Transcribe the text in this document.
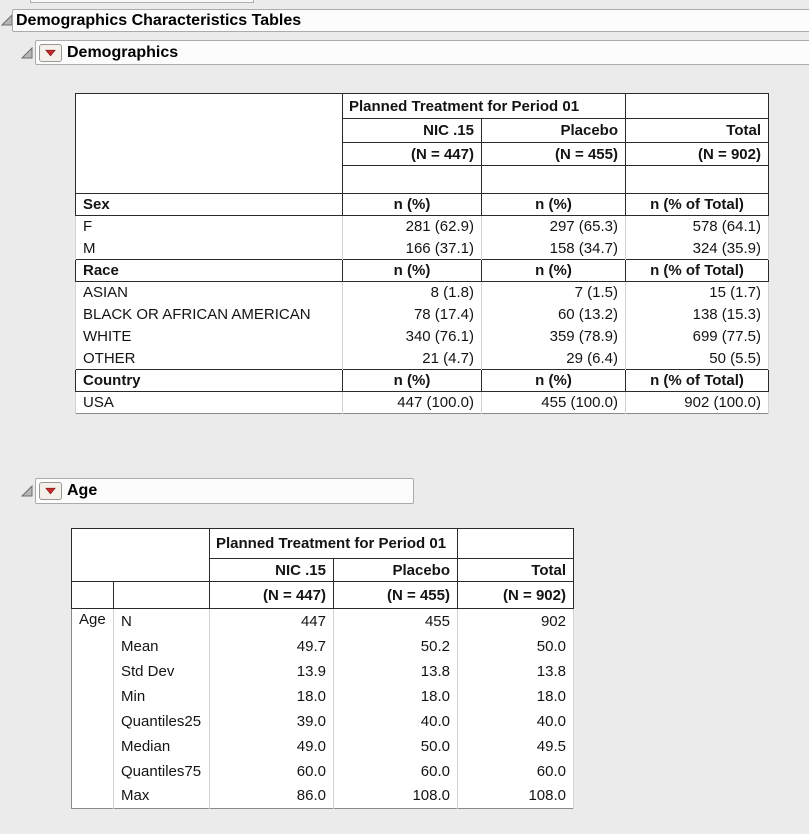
Demographics Characteristics Tables
Demographics
	Planned Treatment for Period 01		
	NIC .15	Placebo	Total
	(N = 447)	(N = 455)	(N = 902)

Sex	n (%)	n (%)	n (% of Total)
F	281 (62.9)	297 (65.3)	578 (64.1)
M	166 (37.1)	158 (34.7)	324 (35.9)
Race	n (%)	n (%)	n (% of Total)
ASIAN	8 (1.8)	7 (1.5)	15 (1.7)
BLACK OR AFRICAN AMERICAN	78 (17.4)	60 (13.2)	138 (15.3)
WHITE	340 (76.1)	359 (78.9)	699 (77.5)
OTHER	21 (4.7)	29 (6.4)	50 (5.5)
Country	n (%)	n (%)	n (% of Total)
USA	447 (100.0)	455 (100.0)	902 (100.0)
Age
		Planned Treatment for Period 01		
		NIC .15	Placebo	Total
		(N = 447)	(N = 455)	(N = 902)
Age	N	447	455	902
	Mean	49.7	50.2	50.0
	Std Dev	13.9	13.8	13.8
	Min	18.0	18.0	18.0
	Quantiles25	39.0	40.0	40.0
	Median	49.0	50.0	49.5
	Quantiles75	60.0	60.0	60.0
	Max	86.0	108.0	108.0
